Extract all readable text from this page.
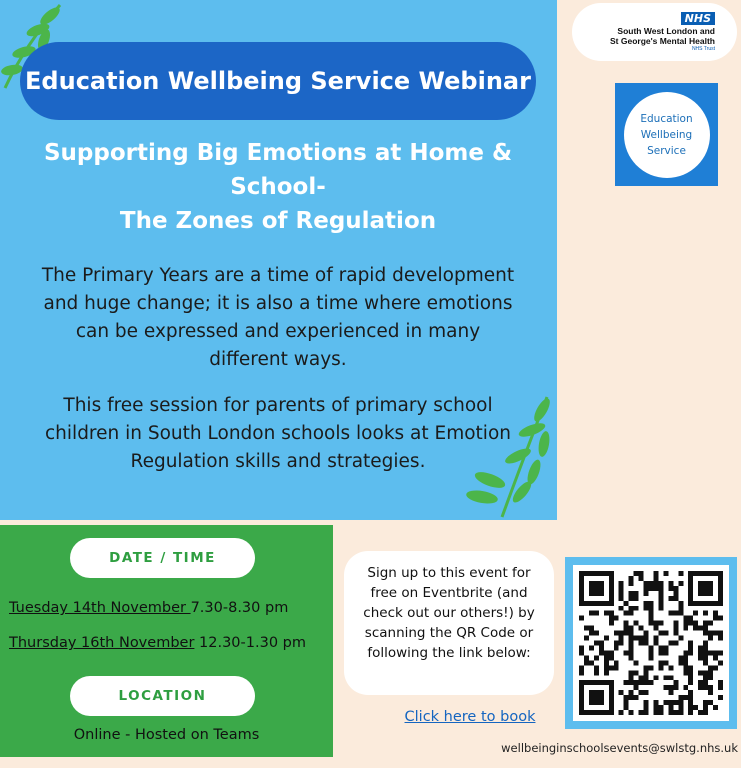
Education Wellbeing Service Webinar
Supporting Big Emotions at Home &
School-
The Zones of Regulation

The Primary Years are a time of rapid development and huge change; it is also a time where emotions can be expressed and experienced in many different ways.

This free session for parents of primary school children in South London schools looks at Emotion Regulation skills and strategies.

NHS
South West London and
St George's Mental Health
NHS Trust
Education
Wellbeing
Service
DATE / TIME
Tuesday 14th November 7.30-8.30 pm
Thursday 16th November 12.30-1.30 pm
LOCATION
Online - Hosted on Teams
Sign up to this event for free on Eventbrite (and check out our others!) by scanning the QR Code or following the link below:
Click here to book
wellbeinginschoolsevents@swlstg.nhs.uk
